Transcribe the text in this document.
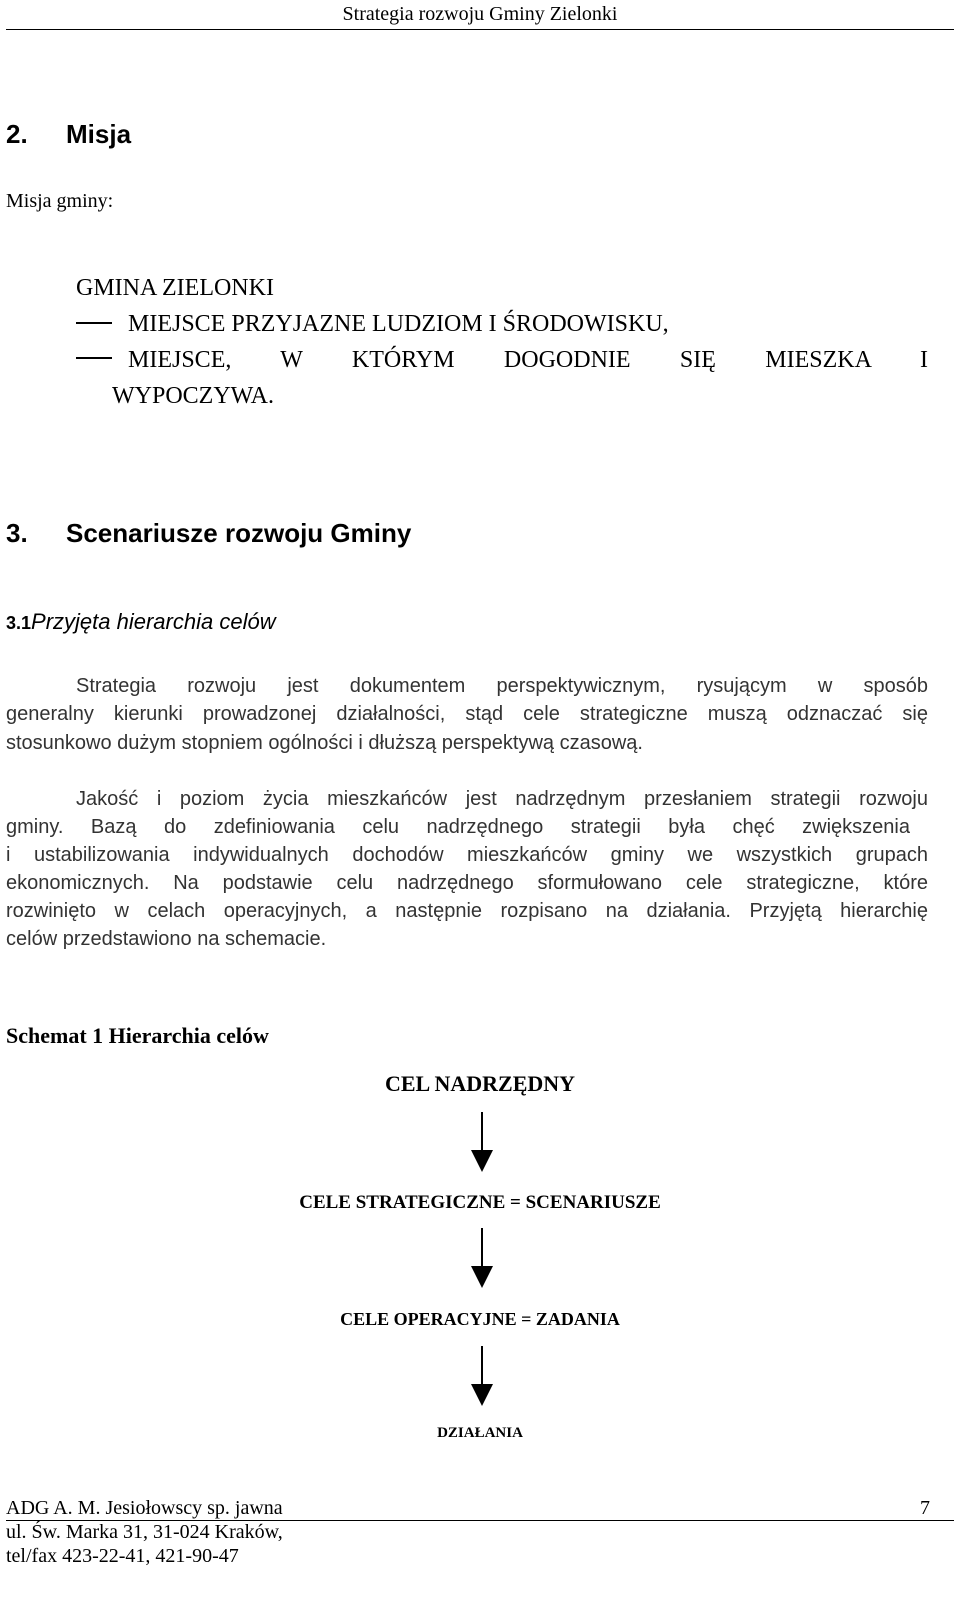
Strategia rozwoju Gminy Zielonki
2. Misja
Misja gminy:
GMINA ZIELONKI
MIEJSCE PRZYJAZNE LUDZIOM I ŚRODOWISKU,
MIEJSCE, W KTÓRYM DOGODNIE SIĘ MIESZKA I
WYPOCZYWA.
3. Scenariusze rozwoju Gminy
3.1Przyjęta hierarchia celów
Strategia rozwoju jest dokumentem perspektywicznym, rysującym w sposób
generalny kierunki prowadzonej działalności, stąd cele strategiczne muszą odznaczać się
stosunkowo dużym stopniem ogólności i dłuższą perspektywą czasową.
Jakość i poziom życia mieszkańców jest nadrzędnym przesłaniem strategii rozwoju
gminy. Bazą do zdefiniowania celu nadrzędnego strategii była chęć zwiększenia
i ustabilizowania indywidualnych dochodów mieszkańców gminy we wszystkich grupach
ekonomicznych. Na podstawie celu nadrzędnego sformułowano cele strategiczne, które
rozwinięto w celach operacyjnych, a następnie rozpisano na działania. Przyjętą hierarchię
celów przedstawiono na schemacie.
Schemat 1 Hierarchia celów
CEL NADRZĘDNY
CELE STRATEGICZNE = SCENARIUSZE
CELE OPERACYJNE = ZADANIA
DZIAŁANIA
ADG A. M. Jesiołowscy sp. jawna	7
ul. Św. Marka 31, 31-024 Kraków,
tel/fax 423-22-41, 421-90-47
